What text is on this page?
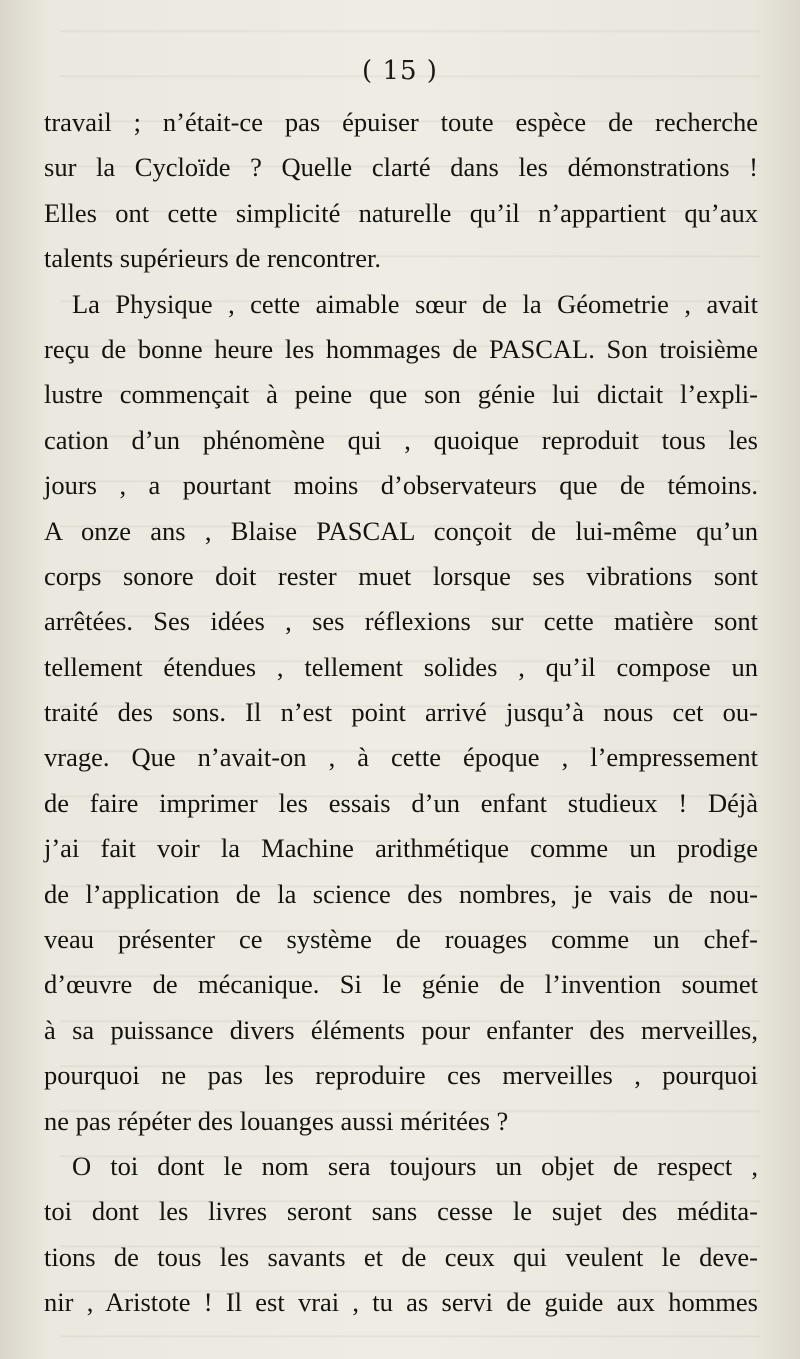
( 15 )
travail ; n’était-ce pas épuiser toute espèce de recherche
sur la Cycloïde ? Quelle clarté dans les démonstrations !
Elles ont cette simplicité naturelle qu’il n’appartient qu’aux
talents supérieurs de rencontrer.
La Physique , cette aimable sœur de la Géometrie , avait
reçu de bonne heure les hommages de PASCAL. Son troisième
lustre commençait à peine que son génie lui dictait l’expli-
cation d’un phénomène qui , quoique reproduit tous les
jours , a pourtant moins d’observateurs que de témoins.
A onze ans , Blaise PASCAL conçoit de lui-même qu’un
corps sonore doit rester muet lorsque ses vibrations sont
arrêtées. Ses idées , ses réflexions sur cette matière sont
tellement étendues , tellement solides , qu’il compose un
traité des sons. Il n’est point arrivé jusqu’à nous cet ou-
vrage. Que n’avait-on , à cette époque , l’empressement
de faire imprimer les essais d’un enfant studieux ! Déjà
j’ai fait voir la Machine arithmétique comme un prodige
de l’application de la science des nombres, je vais de nou-
veau présenter ce système de rouages comme un chef-
d’œuvre de mécanique. Si le génie de l’invention soumet
à sa puissance divers éléments pour enfanter des merveilles,
pourquoi ne pas les reproduire ces merveilles , pourquoi
ne pas répéter des louanges aussi méritées ?
O toi dont le nom sera toujours un objet de respect ,
toi dont les livres seront sans cesse le sujet des médita-
tions de tous les savants et de ceux qui veulent le deve-
nir , Aristote ! Il est vrai , tu as servi de guide aux hommes
